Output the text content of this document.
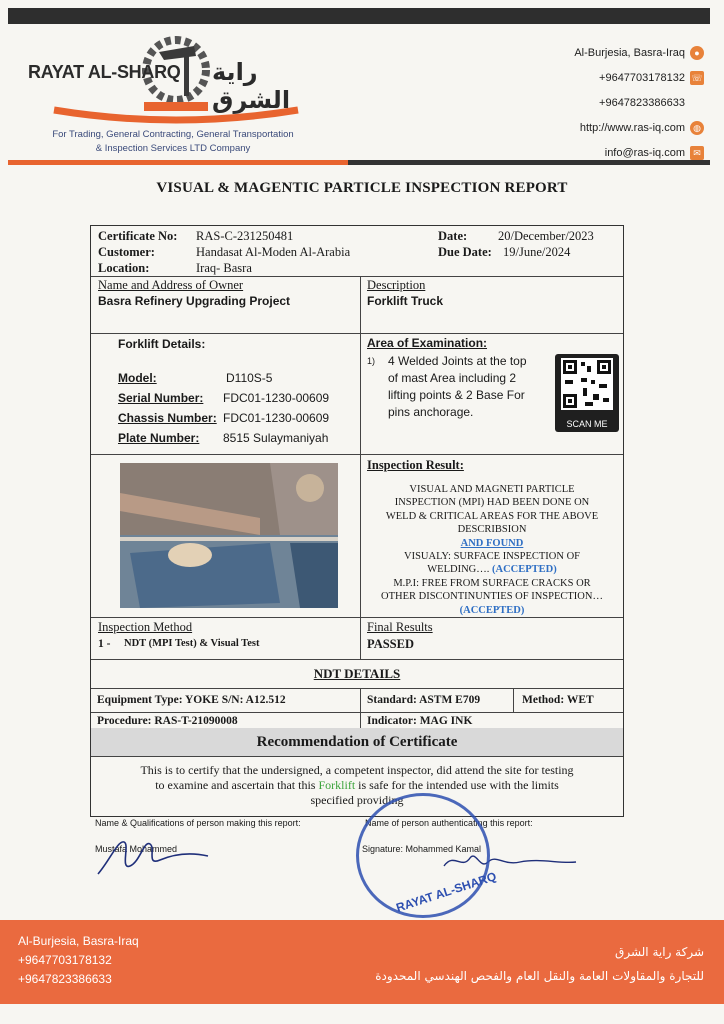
RAYAT AL-SHARQ راية الشرق
For Trading, General Contracting, General Transportation
& Inspection Services LTD Company
Al-Burjesia, Basra-Iraq	●
+9647703178132 ☏
+9647823386633
http://www.ras-iq.com ◍
info@ras-iq.com ✉
VISUAL & MAGENTIC PARTICLE INSPECTION REPORT
Certificate No: RAS-C-231250481
Customer:	Handasat Al-Moden Al-Arabia
Location:	Iraq- Basra
Date: 20/December/2023
Due Date: 19/June/2024
Name and Address of Owner
Basra Refinery Upgrading Project
Description
Forklift Truck
Forklift Details:
Model:	D110S-5
Serial Number: FDC01-1230-00609
Chassis Number: FDC01-1230-00609
Plate Number: 8515 Sulaymaniyah
Area of Examination:
1) 4 Welded Joints at the top
of mast Area including 2
lifting points & 2 Base For
pins anchorage.
SCAN ME
Inspection Result:
VISUAL AND MAGNETI PARTICLE
INSPECTION (MPI) HAD BEEN DONE ON
WELD & CRITICAL AREAS FOR THE ABOVE
DESCRIBSION
AND FOUND
VISUALY: SURFACE INSPECTION OF
WELDING…. (ACCEPTED)
M.P.I: FREE FROM SURFACE CRACKS OR
OTHER DISCONTINUNTIES OF INSPECTION…
(ACCEPTED)
Inspection Method
1 - NDT (MPI Test) & Visual Test
Final Results
PASSED
NDT DETAILS
Equipment Type: YOKE S/N: A12.512	Standard: ASTM E709	Method: WET
Procedure: RAS-T-21090008	Indicator: MAG INK
Recommendation of Certificate
This is to certify that the undersigned, a competent inspector, did attend the site for testing
to examine and ascertain that this Forklift is safe for the intended use with the limits
specified providing
Name & Qualifications of person making this report:
Mustafa Mohammed
Name of person authenticating this report:
Signature: Mohammed Kamal
RAYAT AL-SHARQ
Al-Burjesia, Basra-Iraq
+9647703178132
+9647823386633
شركة راية الشرق
للتجارة والمقاولات العامة والنقل العام والفحص الهندسي المحدودة
